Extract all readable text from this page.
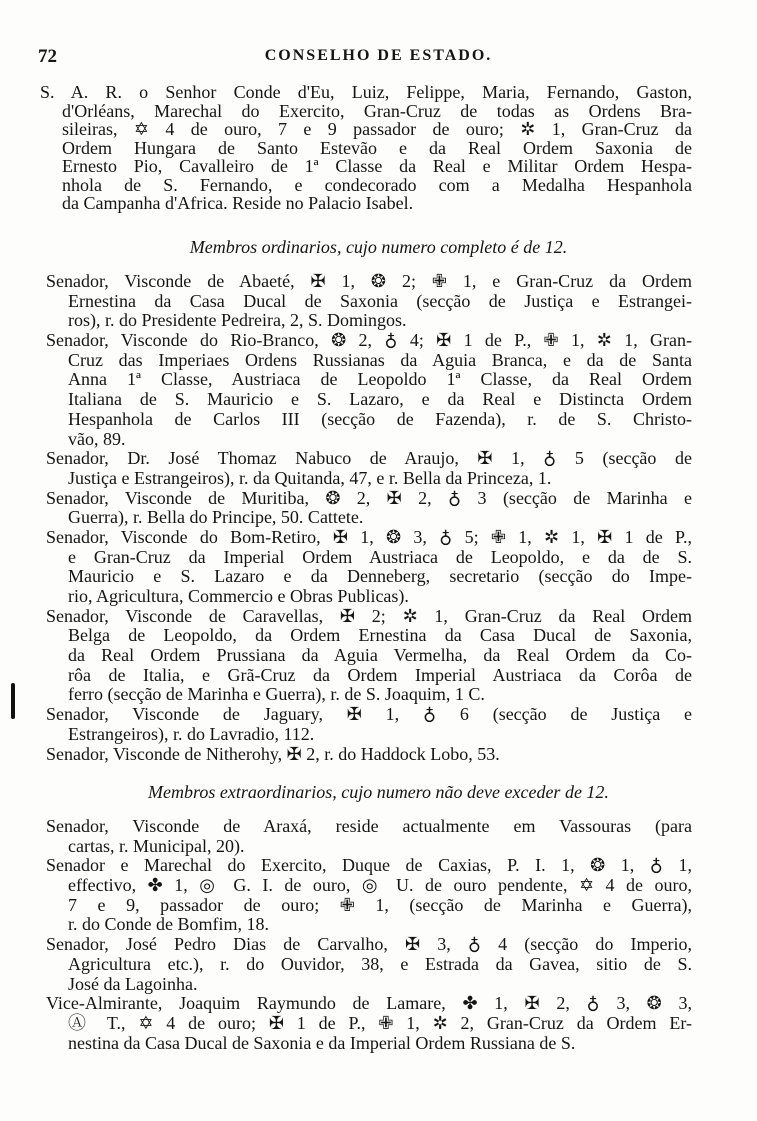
72	CONSELHO DE ESTADO.
S. A. R. o Senhor Conde d'Eu, Luiz, Felippe, Maria, Fernando, Gaston,
d'Orléans, Marechal do Exercito, Gran-Cruz de todas as Ordens Bra-
sileiras, ✡ 4 de ouro, 7 e 9 passador de ouro; ✲ 1, Gran-Cruz da
Ordem Hungara de Santo Estevão e da Real Ordem Saxonia de
Ernesto Pio, Cavalleiro de 1ª Classe da Real e Militar Ordem Hespa-
nhola de S. Fernando, e condecorado com a Medalha Hespanhola
da Campanha d'Africa. Reside no Palacio Isabel.
Membros ordinarios, cujo numero completo é de 12.
Senador, Visconde de Abaeté, ✠ 1, ❂ 2; ✙ 1, e Gran-Cruz da Ordem
Ernestina da Casa Ducal de Saxonia (secção de Justiça e Estrangei-
ros), r. do Presidente Pedreira, 2, S. Domingos.
Senador, Visconde do Rio-Branco, ❂ 2, ♁ 4; ✠ 1 de P., ✙ 1, ✲ 1, Gran-
Cruz das Imperiaes Ordens Russianas da Aguia Branca, e da de Santa
Anna 1ª Classe, Austriaca de Leopoldo 1ª Classe, da Real Ordem
Italiana de S. Mauricio e S. Lazaro, e da Real e Distincta Ordem
Hespanhola de Carlos III (secção de Fazenda), r. de S. Christo-
vão, 89.
Senador, Dr. José Thomaz Nabuco de Araujo, ✠ 1, ♁ 5 (secção de
Justiça e Estrangeiros), r. da Quitanda, 47, e r. Bella da Princeza, 1.
Senador, Visconde de Muritiba, ❂ 2, ✠ 2, ♁ 3 (secção de Marinha e
Guerra), r. Bella do Principe, 50. Cattete.
Senador, Visconde do Bom-Retiro, ✠ 1, ❂ 3, ♁ 5; ✙ 1, ✲ 1, ✠ 1 de P.,
e Gran-Cruz da Imperial Ordem Austriaca de Leopoldo, e da de S.
Mauricio e S. Lazaro e da Denneberg, secretario (secção do Impe-
rio, Agricultura, Commercio e Obras Publicas).
Senador, Visconde de Caravellas, ✠ 2; ✲ 1, Gran-Cruz da Real Ordem
Belga de Leopoldo, da Ordem Ernestina da Casa Ducal de Saxonia,
da Real Ordem Prussiana da Aguia Vermelha, da Real Ordem da Co-
rôa de Italia, e Grã-Cruz da Ordem Imperial Austriaca da Corôa de
ferro (secção de Marinha e Guerra), r. de S. Joaquim, 1 C.
Senador, Visconde de Jaguary, ✠ 1, ♁ 6 (secção de Justiça e
Estrangeiros), r. do Lavradio, 112.
Senador, Visconde de Nitherohy, ✠ 2, r. do Haddock Lobo, 53.
Membros extraordinarios, cujo numero não deve exceder de 12.
Senador, Visconde de Araxá, reside actualmente em Vassouras (para
cartas, r. Municipal, 20).
Senador e Marechal do Exercito, Duque de Caxias, P. I. 1, ❂ 1, ♁ 1,
effectivo, ✤ 1, ◎ G. I. de ouro, ◎ U. de ouro pendente, ✡ 4 de ouro,
7 e 9, passador de ouro; ✙ 1, (secção de Marinha e Guerra),
r. do Conde de Bomfim, 18.
Senador, José Pedro Dias de Carvalho, ✠ 3, ♁ 4 (secção do Imperio,
Agricultura etc.), r. do Ouvidor, 38, e Estrada da Gavea, sitio de S.
José da Lagoinha.
Vice-Almirante, Joaquim Raymundo de Lamare, ✤ 1, ✠ 2, ♁ 3, ❂ 3,
Ⓐ T., ✡ 4 de ouro; ✠ 1 de P., ✙ 1, ✲ 2, Gran-Cruz da Ordem Er-
nestina da Casa Ducal de Saxonia e da Imperial Ordem Russiana de S.
